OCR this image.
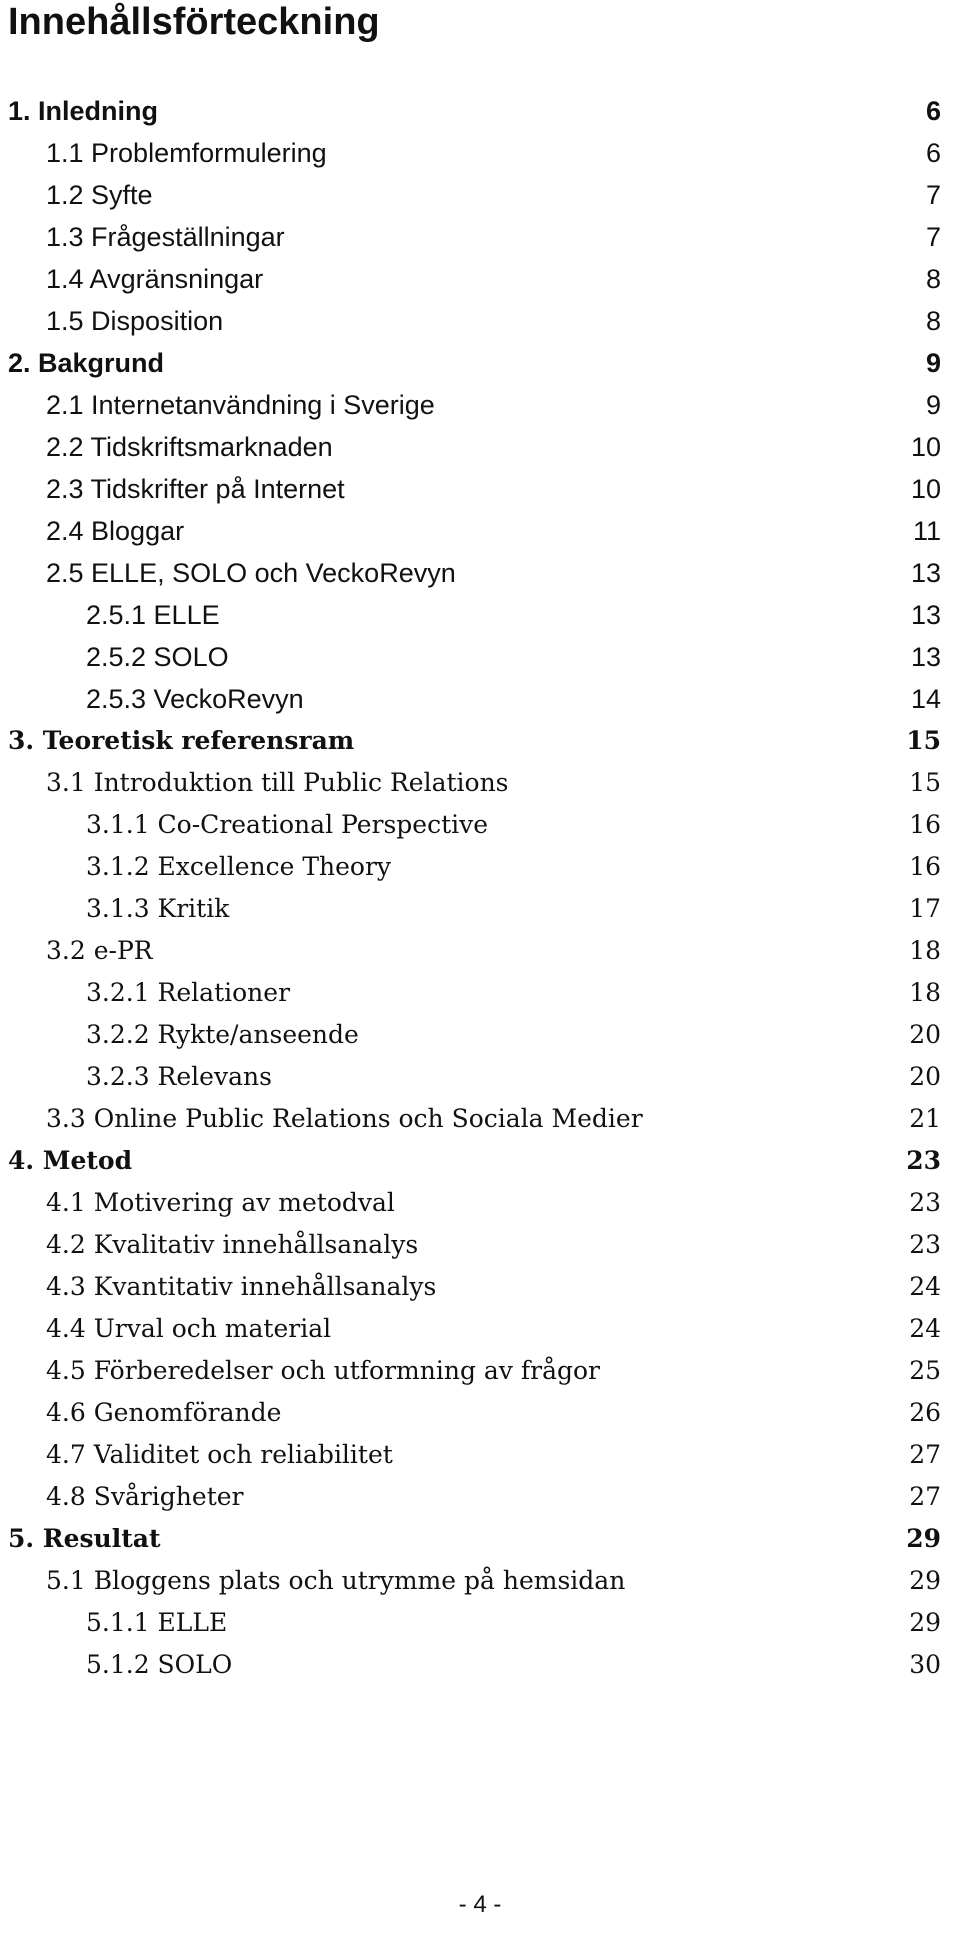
Innehållsförteckning
1. Inledning	6
1.1 Problemformulering	6
1.2 Syfte	7
1.3 Frågeställningar	7
1.4 Avgränsningar	8
1.5 Disposition	8
2. Bakgrund	9
2.1 Internetanvändning i Sverige	9
2.2 Tidskriftsmarknaden	10
2.3 Tidskrifter på Internet	10
2.4 Bloggar	11
2.5 ELLE, SOLO och VeckoRevyn	13
2.5.1 ELLE	13
2.5.2 SOLO	13
2.5.3 VeckoRevyn	14
3. Teoretisk referensram	15
3.1 Introduktion till Public Relations	15
3.1.1 Co-Creational Perspective	16
3.1.2 Excellence Theory	16
3.1.3 Kritik	17
3.2 e-PR	18
3.2.1 Relationer	18
3.2.2 Rykte/anseende	20
3.2.3 Relevans	20
3.3 Online Public Relations och Sociala Medier	21
4. Metod	23
4.1 Motivering av metodval	23
4.2 Kvalitativ innehållsanalys	23
4.3 Kvantitativ innehållsanalys	24
4.4 Urval och material	24
4.5 Förberedelser och utformning av frågor	25
4.6 Genomförande	26
4.7 Validitet och reliabilitet	27
4.8 Svårigheter	27
5. Resultat	29
5.1 Bloggens plats och utrymme på hemsidan	29
5.1.1 ELLE	29
5.1.2 SOLO	30
- 4 -
